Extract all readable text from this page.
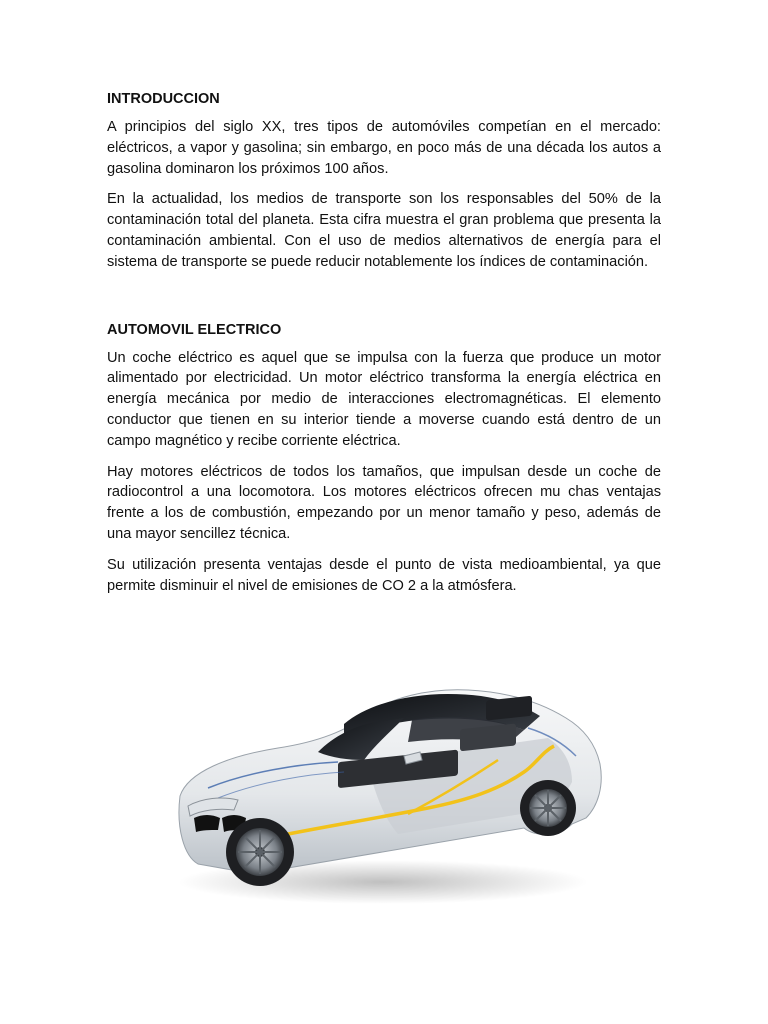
INTRODUCCION

A principios del siglo XX, tres tipos de automóviles competían en el mercado: eléctricos, a vapor y gasolina; sin embargo, en poco más de una década los autos a gasolina dominaron los próximos 100 años.

En la actualidad, los medios de transporte son los responsables del 50% de la contaminación total del planeta. Esta cifra muestra el gran problema que presenta la contaminación ambiental. Con el uso de medios alternativos de energía para el sistema de transporte se puede reducir notablemente los índices de contaminación.

AUTOMOVIL ELECTRICO

Un coche eléctrico es aquel que se impulsa con la fuerza que produce un motor alimentado por electricidad. Un motor eléctrico transforma la energía eléctrica en energía mecánica por medio de interacciones electromagnéticas. El elemento conductor que tienen en su interior tiende a moverse cuando está dentro de un campo magnético y recibe corriente eléctrica.

Hay motores eléctricos de todos los tamaños, que impulsan desde un coche de radiocontrol a una locomotora. Los motores eléctricos ofrecen mu chas ventajas frente a los de combustión, empezando por un menor tamaño y peso, además de una mayor sencillez técnica.

Su utilización presenta ventajas desde el punto de vista medioambiental, ya que permite disminuir el nivel de emisiones de CO 2 a la atmósfera.
